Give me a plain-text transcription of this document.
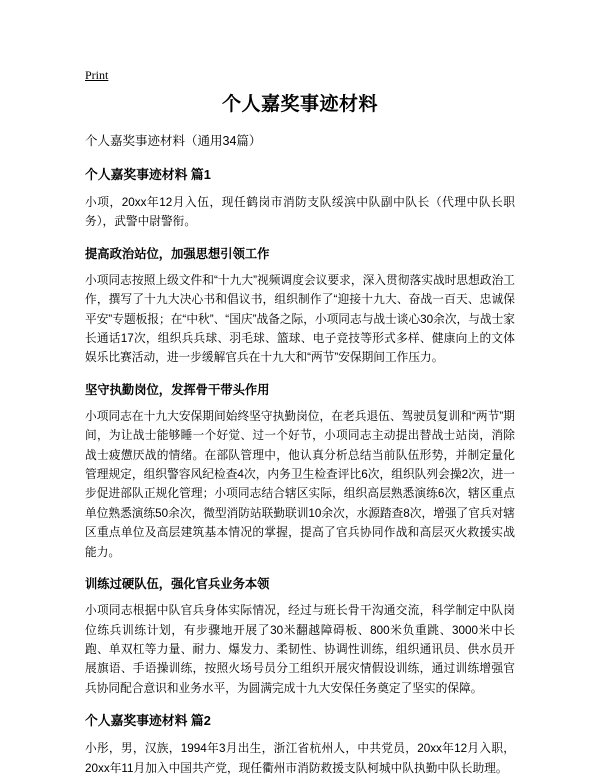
Print
个人嘉奖事迹材料

个人嘉奖事迹材料（通用34篇）

个人嘉奖事迹材料 篇1

小项，20xx年12月入伍，现任鹤岗市消防支队绥滨中队副中队长（代理中队长职务），武警中尉警衔。

提高政治站位，加强思想引领工作

小项同志按照上级文件和“十九大”视频调度会议要求，深入贯彻落实战时思想政治工作，撰写了十九大决心书和倡议书，组织制作了“迎接十九大、奋战一百天、忠诚保平安”专题板报；在“中秋”、“国庆”战备之际，小项同志与战士谈心30余次，与战士家长通话17次，组织兵兵球、羽毛球、篮球、电子竞技等形式多样、健康向上的文体娱乐比赛活动，进一步缓解官兵在十九大和“两节”安保期间工作压力。

坚守执勤岗位，发挥骨干带头作用

小项同志在十九大安保期间始终坚守执勤岗位，在老兵退伍、驾驶员复训和“两节”期间，为让战士能够睡一个好觉、过一个好节，小项同志主动提出替战士站岗，消除战士疲憊厌战的情绪。在部队管理中，他认真分析总结当前队伍形势，并制定量化管理规定，组织警容风纪检查4次，内务卫生检查评比6次，组织队列会操2次，进一步促进部队正规化管理；小项同志结合辖区实际，组织高层熟悉演练6次，辖区重点单位熟悉演练50余次，微型消防站联勤联训10余次，水源踏查8次，增强了官兵对辖区重点单位及高层建筑基本情况的掌握，提高了官兵协同作战和高层灭火救援实战能力。

训练过硬队伍，强化官兵业务本领

小项同志根据中队官兵身体实际情况，经过与班长骨干沟通交流，科学制定中队岗位练兵训练计划，有步骤地开展了30米翻越障碍板、800米负重跳、3000米中长跑、单双杠等力量、耐力、爆发力、柔韧性、协调性训练，组织通讯员、供水员开展旗语、手语操训练，按照火场号员分工组织开展灾情假设训练，通过训练增强官兵协同配合意识和业务水平，为圆满完成十九大安保任务奠定了坚实的保障。

个人嘉奖事迹材料 篇2

小彤，男，汉族，1994年3月出生，浙江省杭州人，中共党员，20xx年12月入职，20xx年11月加入中国共产党，现任衢州市消防救援支队柯城中队执勤中队长助理。
